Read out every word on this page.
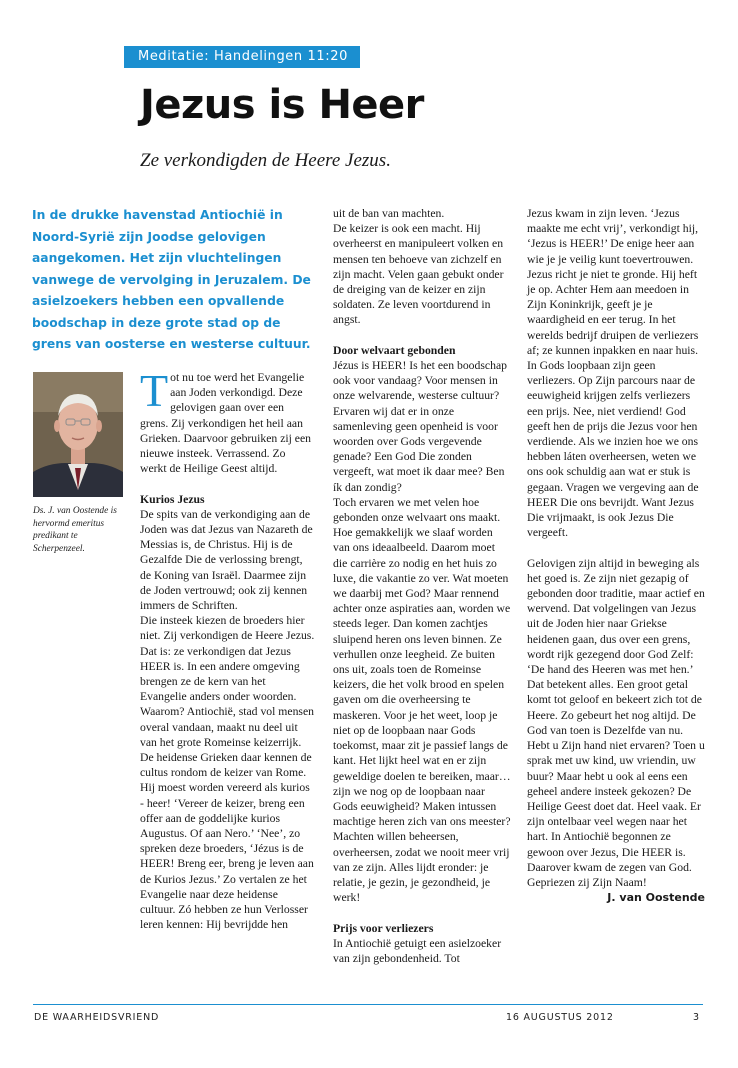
Meditatie: Handelingen 11:20
Jezus is Heer

Ze verkondigden de Heere Jezus.

In de drukke havenstad Antiochië in Noord-Syrië zijn Joodse gelovigen aangekomen. Het zijn vluchtelingen vanwege de vervolging in Jeruzalem. De asielzoekers hebben een opvallende boodschap in deze grote stad op de grens van oosterse en westerse cultuur.

Ds. J. van Oostende is hervormd emeritus predikant te Scherpenzeel.

T ot nu toe werd het Evangelie aan Joden verkondigd. Deze gelovigen gaan over een grens. Zij verkondigen het heil aan Grieken. Daarvoor gebruiken zij een nieuwe insteek. Verrassend. Zo werkt de Heilige Geest altijd.

Kurios Jezus

De spits van de verkondiging aan de Joden was dat Jezus van Nazareth de Messias is, de Christus. Hij is de Gezalfde Die de verlossing brengt, de Koning van Israël. Daarmee zijn de Joden vertrouwd; ook zij kennen immers de Schriften.

Die insteek kiezen de broeders hier niet. Zij verkondigen de Heere Jezus. Dat is: ze verkondigen dat Jezus HEER is. In een andere omgeving brengen ze de kern van het Evangelie anders onder woorden. Waarom? Antiochië, stad vol mensen overal vandaan, maakt nu deel uit van het grote Romeinse keizerrijk. De heidense Grieken daar kennen de cultus rondom de keizer van Rome. Hij moest worden vereerd als kurios - heer! ‘Vereer de keizer, breng een offer aan de goddelijke kurios Augustus. Of aan Nero.’ ‘Nee’, zo spreken deze broeders, ‘Jézus is de HEER! Breng eer, breng je leven aan de Kurios Jezus.’ Zo vertalen ze het Evangelie naar deze heidense cultuur. Zó hebben ze hun Verlosser leren kennen: Hij bevrijdde hen

uit de ban van machten.

De keizer is ook een macht. Hij overheerst en manipuleert volken en mensen ten behoeve van zichzelf en zijn macht. Velen gaan gebukt onder de dreiging van de keizer en zijn soldaten. Ze leven voortdurend in angst.

Door welvaart gebonden

Jézus is HEER! Is het een boodschap ook voor vandaag? Voor mensen in onze welvarende, westerse cultuur? Ervaren wij dat er in onze samenleving geen openheid is voor woorden over Gods vergevende genade? Een God Die zonden vergeeft, wat moet ik daar mee? Ben ík dan zondig?

Toch ervaren we met velen hoe gebonden onze welvaart ons maakt. Hoe gemakkelijk we slaaf worden van ons ideaalbeeld. Daarom moet die carrière zo nodig en het huis zo luxe, die vakantie zo ver. Wat moeten we daarbij met God? Maar rennend achter onze aspiraties aan, worden we steeds leger. Dan komen zachtjes sluipend heren ons leven binnen. Ze verhullen onze leegheid. Ze buiten ons uit, zoals toen de Romeinse keizers, die het volk brood en spelen gaven om die overheersing te maskeren. Voor je het weet, loop je niet op de loopbaan naar Gods toekomst, maar zit je passief langs de kant. Het lijkt heel wat en er zijn geweldige doelen te bereiken, maar… zijn we nog op de loopbaan naar Gods eeuwigheid? Maken intussen machtige heren zich van ons meester? Machten willen beheersen, overheersen, zodat we nooit meer vrij van ze zijn. Alles lijdt eronder: je relatie, je gezin, je gezondheid, je werk!

Prijs voor verliezers

In Antiochië getuigt een asielzoeker van zijn gebondenheid. Tot

Jezus kwam in zijn leven. ‘Jezus maakte me echt vrij’, verkondigt hij, ‘Jezus is HEER!’ De enige heer aan wie je je veilig kunt toevertrouwen. Jezus richt je niet te gronde. Hij heft je op. Achter Hem aan meedoen in Zijn Koninkrijk, geeft je je waardigheid en eer terug. In het werelds bedrijf druipen de verliezers af; ze kunnen inpakken en naar huis. In Gods loopbaan zijn geen verliezers. Op Zijn parcours naar de eeuwigheid krijgen zelfs verliezers een prijs. Nee, niet verdiend! God geeft hen de prijs die Jezus voor hen verdiende. Als we inzien hoe we ons hebben láten overheersen, weten we ons ook schuldig aan wat er stuk is gegaan. Vragen we vergeving aan de HEER Die ons bevrijdt. Want Jezus Die vrijmaakt, is ook Jezus Die vergeeft.

Gelovigen zijn altijd in beweging als het goed is. Ze zijn niet gezapig of gebonden door traditie, maar actief en wervend. Dat volgelingen van Jezus uit de Joden hier naar Griekse heidenen gaan, dus over een grens, wordt rijk gezegend door God Zelf: ‘De hand des Heeren was met hen.’ Dat betekent alles. Een groot getal komt tot geloof en bekeert zich tot de Heere. Zo gebeurt het nog altijd. De God van toen is Dezelfde van nu.

Hebt u Zijn hand niet ervaren? Toen u sprak met uw kind, uw vriendin, uw buur? Maar hebt u ook al eens een geheel andere insteek gekozen? De Heilige Geest doet dat. Heel vaak. Er zijn ontelbaar veel wegen naar het hart. In Antiochië begonnen ze gewoon over Jezus, Die HEER is. Daarover kwam de zegen van God. Gepriezen zij Zijn Naam!

J. van Oostende

DE WAARHEIDSVRIEND	16 AUGUSTUS 2012	3
